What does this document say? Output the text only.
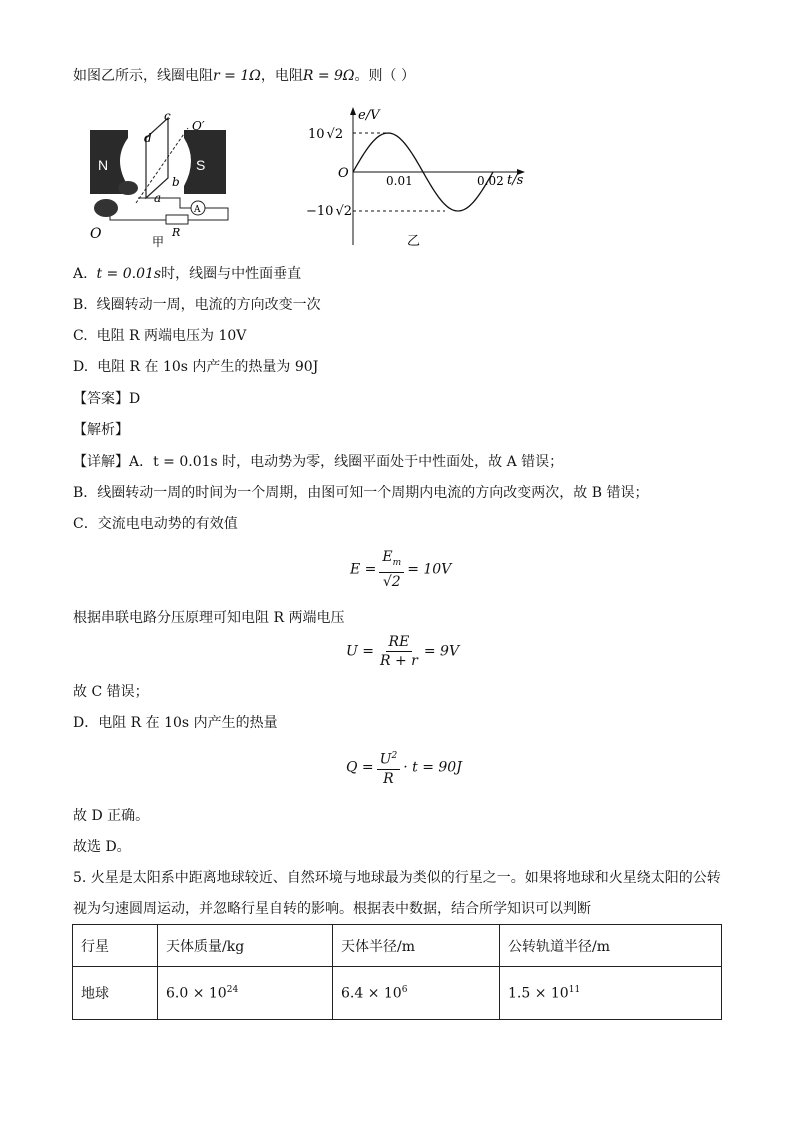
如图乙所示，线圈电阻r = 1Ω，电阻R = 9Ω。则（ ）
N	S
c
d
O′
b
a
A
R
O	甲
e/V
t/s
O
10 √2
−10 √2
0.01	0.02
乙
A. t = 0.01s时，线圈与中性面垂直
B. 线圈转动一周，电流的方向改变一次
C. 电阻 R 两端电压为 10V
D. 电阻 R 在 10s 内产生的热量为 90J
【答案】D
【解析】
【详解】A．t = 0.01s 时，电动势为零，线圈平面处于中性面处，故 A 错误；
B．线圈转动一周的时间为一个周期，由图可知一个周期内电流的方向改变两次，故 B 错误；
C．交流电电动势的有效值
$E = \frac{E_m}{√2} = 10V$
根据串联电路分压原理可知电阻 R 两端电压
$U = \frac{RE}{R + r} = 9V$
故 C 错误；
D．电阻 R 在 10s 内产生的热量
$Q = \frac{U^2}{R} \cdot t = 90J$
故 D 正确。
故选 D。
5. 火星是太阳系中距离地球较近、自然环境与地球最为类似的行星之一。如果将地球和火星绕太阳的公转
视为匀速圆周运动，并忽略行星自转的影响。根据表中数据，结合所学知识可以判断
行星	天体质量/kg	天体半径/m	公转轨道半径/m
地球	$6.0 \times 10^{24}$	$6.4 \times 10^6$	$1.5 \times 10^{11}$
